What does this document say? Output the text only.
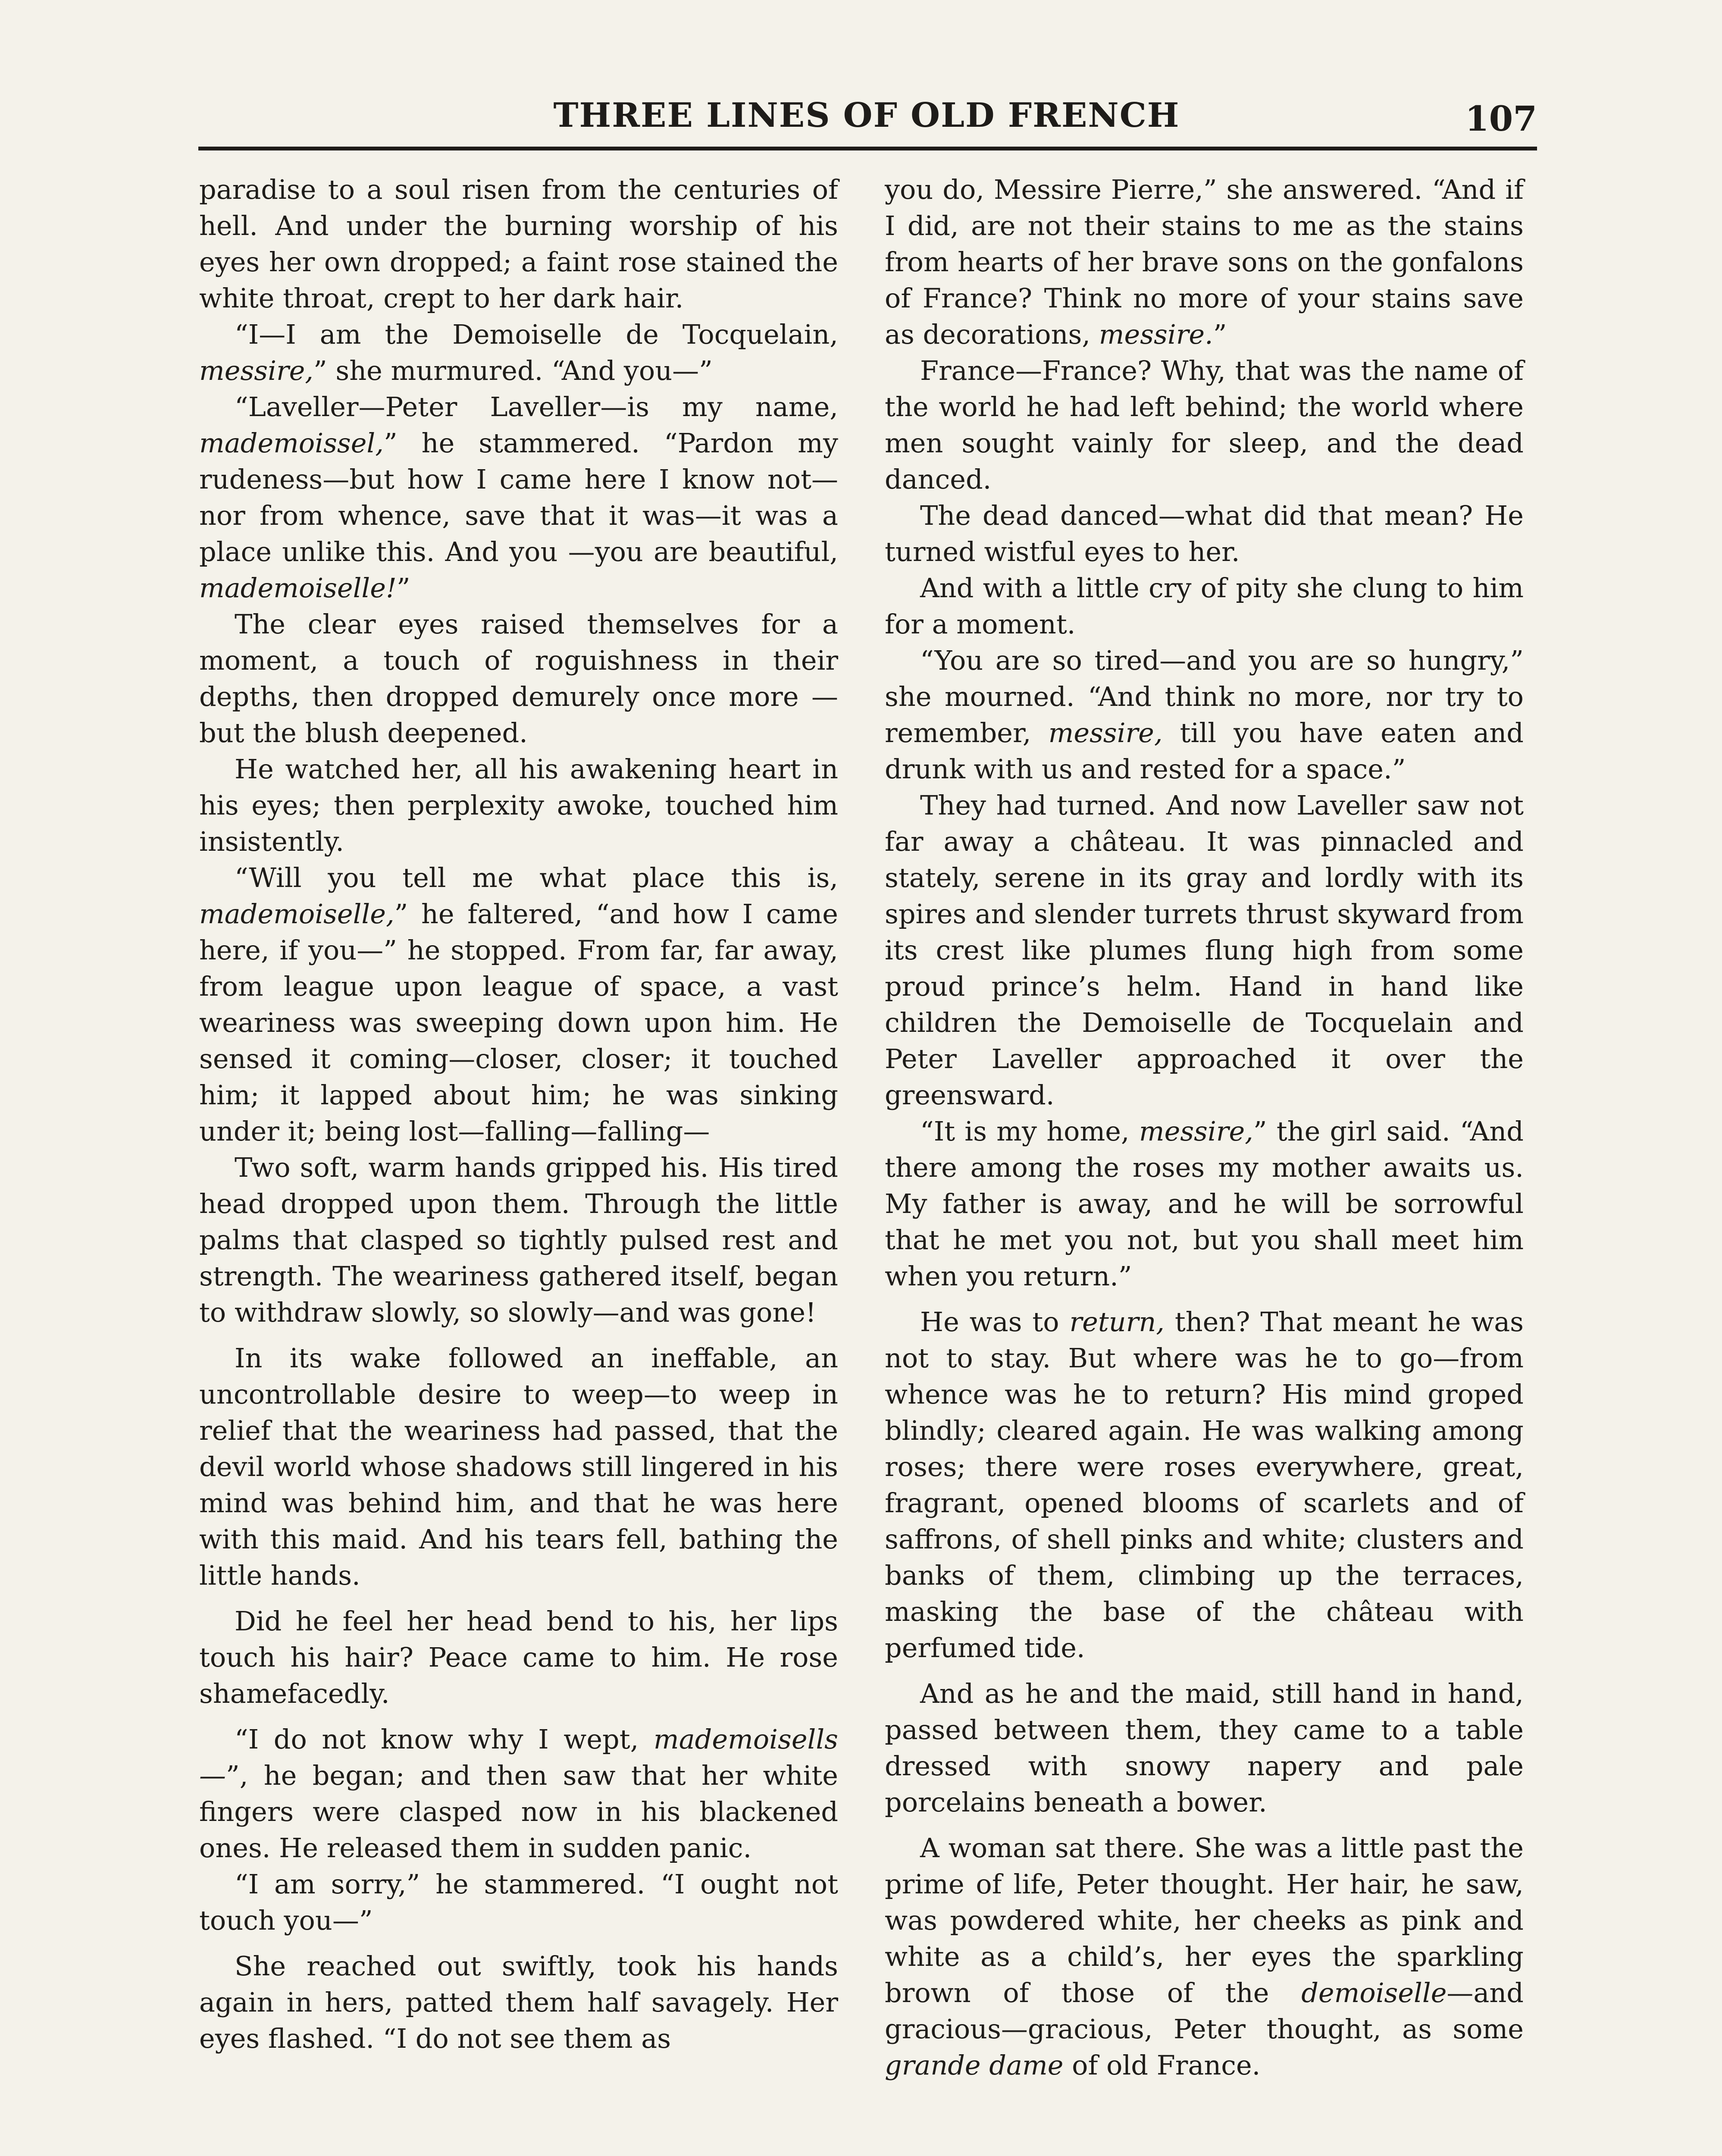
THREE LINES OF OLD FRENCH	107

paradise to a soul risen from the centuries of hell. And under the burning worship of his eyes her own dropped; a faint rose stained the white throat, crept to her dark hair.

“I—I am the Demoiselle de Tocquelain, messire,” she murmured. “And you—”

“Laveller—Peter Laveller—is my name, mademoissel,” he stammered. “Pardon my rudeness—but how I came here I know not—nor from whence, save that it was—it was a place unlike this. And you —you are beautiful, mademoiselle!”

The clear eyes raised themselves for a moment, a touch of roguishness in their depths, then dropped demurely once more —but the blush deepened.

He watched her, all his awakening heart in his eyes; then perplexity awoke, touched him insistently.

“Will you tell me what place this is, mademoiselle,” he faltered, “and how I came here, if you—” he stopped. From far, far away, from league upon league of space, a vast weariness was sweeping down upon him. He sensed it coming—closer, closer; it touched him; it lapped about him; he was sinking under it; being lost—falling—falling—

Two soft, warm hands gripped his. His tired head dropped upon them. Through the little palms that clasped so tightly pulsed rest and strength. The weariness gathered itself, began to withdraw slowly, so slowly—and was gone!

In its wake followed an ineffable, an uncontrollable desire to weep—to weep in relief that the weariness had passed, that the devil world whose shadows still lingered in his mind was behind him, and that he was here with this maid. And his tears fell, bathing the little hands.

Did he feel her head bend to his, her lips touch his hair? Peace came to him. He rose shamefacedly.

“I do not know why I wept, mademoisells—”, he began; and then saw that her white fingers were clasped now in his blackened ones. He released them in sudden panic.

“I am sorry,” he stammered. “I ought not touch you—”

She reached out swiftly, took his hands again in hers, patted them half savagely. Her eyes flashed. “I do not see them as

you do, Messire Pierre,” she answered. “And if I did, are not their stains to me as the stains from hearts of her brave sons on the gonfalons of France? Think no more of your stains save as decorations, messire.”

France—France? Why, that was the name of the world he had left behind; the world where men sought vainly for sleep, and the dead danced.

The dead danced—what did that mean? He turned wistful eyes to her.

And with a little cry of pity she clung to him for a moment.

“You are so tired—and you are so hungry,” she mourned. “And think no more, nor try to remember, messire, till you have eaten and drunk with us and rested for a space.”

They had turned. And now Laveller saw not far away a château. It was pinnacled and stately, serene in its gray and lordly with its spires and slender turrets thrust skyward from its crest like plumes flung high from some proud prince’s helm. Hand in hand like children the Demoiselle de Tocquelain and Peter Laveller approached it over the greensward.

“It is my home, messire,” the girl said. “And there among the roses my mother awaits us. My father is away, and he will be sorrowful that he met you not, but you shall meet him when you return.”

He was to return, then? That meant he was not to stay. But where was he to go—from whence was he to return? His mind groped blindly; cleared again. He was walking among roses; there were roses everywhere, great, fragrant, opened blooms of scarlets and of saffrons, of shell pinks and white; clusters and banks of them, climbing up the terraces, masking the base of the château with perfumed tide.

And as he and the maid, still hand in hand, passed between them, they came to a table dressed with snowy napery and pale porcelains beneath a bower.

A woman sat there. She was a little past the prime of life, Peter thought. Her hair, he saw, was powdered white, her cheeks as pink and white as a child’s, her eyes the sparkling brown of those of the demoiselle—and gracious—gracious, Peter thought, as some grande dame of old France.
